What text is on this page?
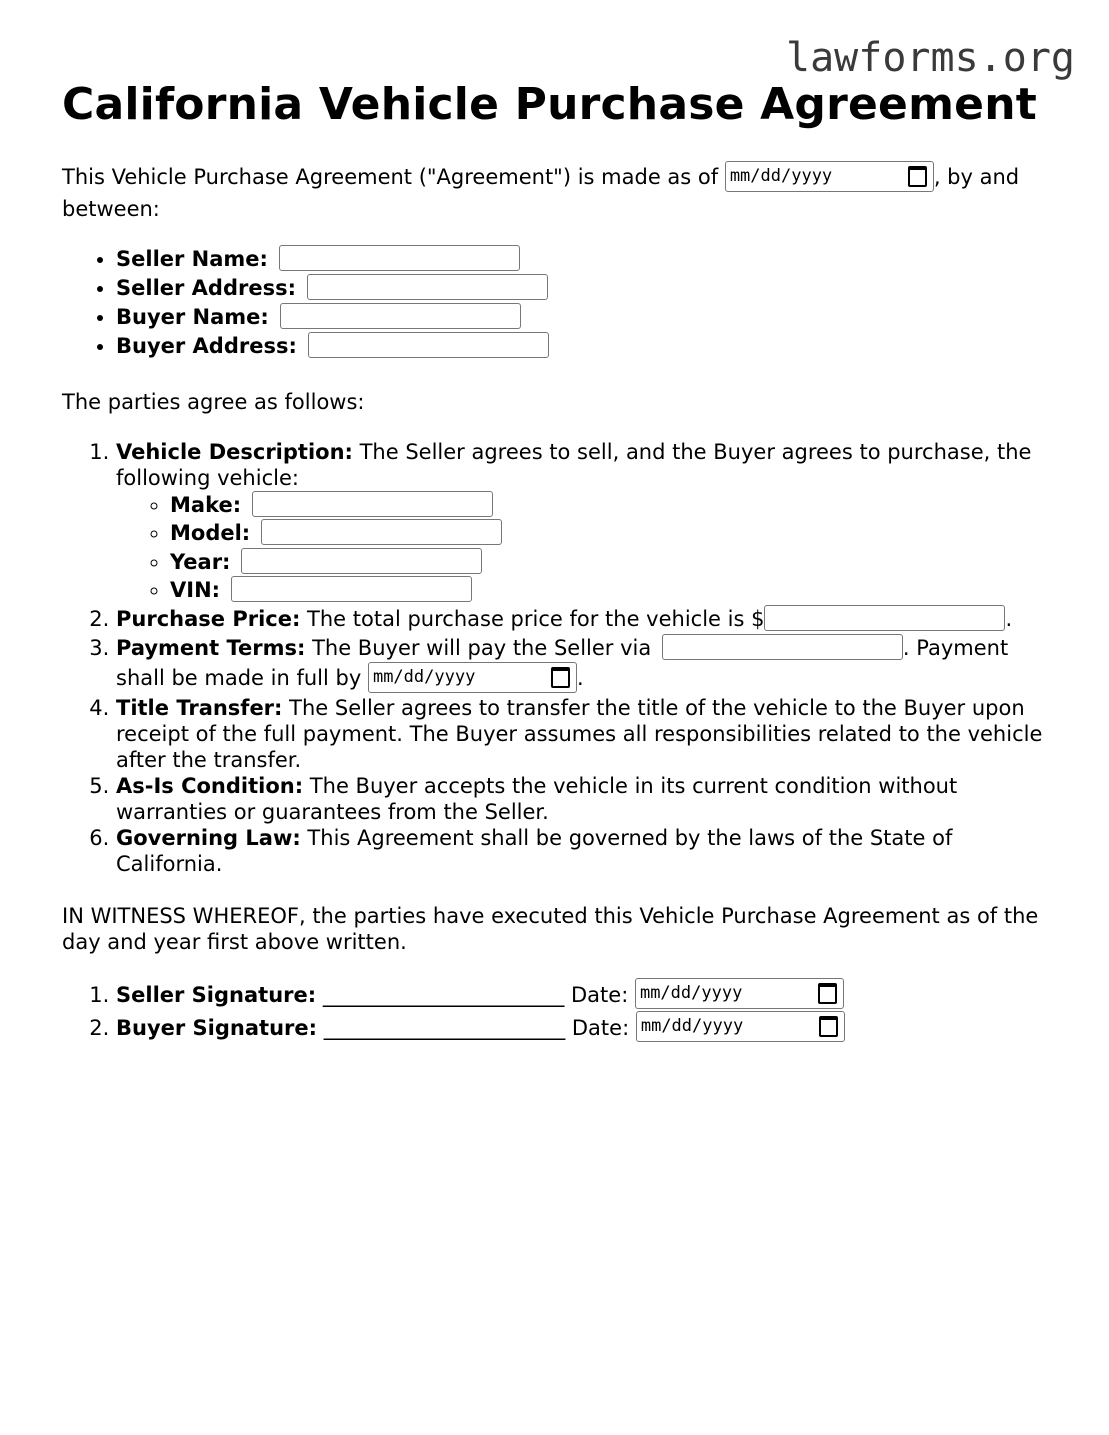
lawforms.org
California Vehicle Purchase Agreement

This Vehicle Purchase Agreement ("Agreement") is made as of mm/dd/yyyy	, by and between:

• Seller Name:
• Seller Address:
• Buyer Name:
• Buyer Address:

The parties agree as follows:

1. Vehicle Description: The Seller agrees to sell, and the Buyer agrees to purchase, the following vehicle:
◦ Make:
◦ Model:
◦ Year:
◦ VIN:
2. Purchase Price: The total purchase price for the vehicle is $	.
3. Payment Terms: The Buyer will pay the Seller via	. Payment shall be made in full by mm/dd/yyyy	.
4. Title Transfer: The Seller agrees to transfer the title of the vehicle to the Buyer upon receipt of the full payment. The Buyer assumes all responsibilities related to the vehicle after the transfer.
5. As-Is Condition: The Buyer accepts the vehicle in its current condition without warranties or guarantees from the Seller.
6. Governing Law: This Agreement shall be governed by the laws of the State of California.

IN WITNESS WHEREOF, the parties have executed this Vehicle Purchase Agreement as of the day and year first above written.

1. Seller Signature: _______________________ Date: mm/dd/yyyy
2. Buyer Signature: _______________________ Date: mm/dd/yyyy
